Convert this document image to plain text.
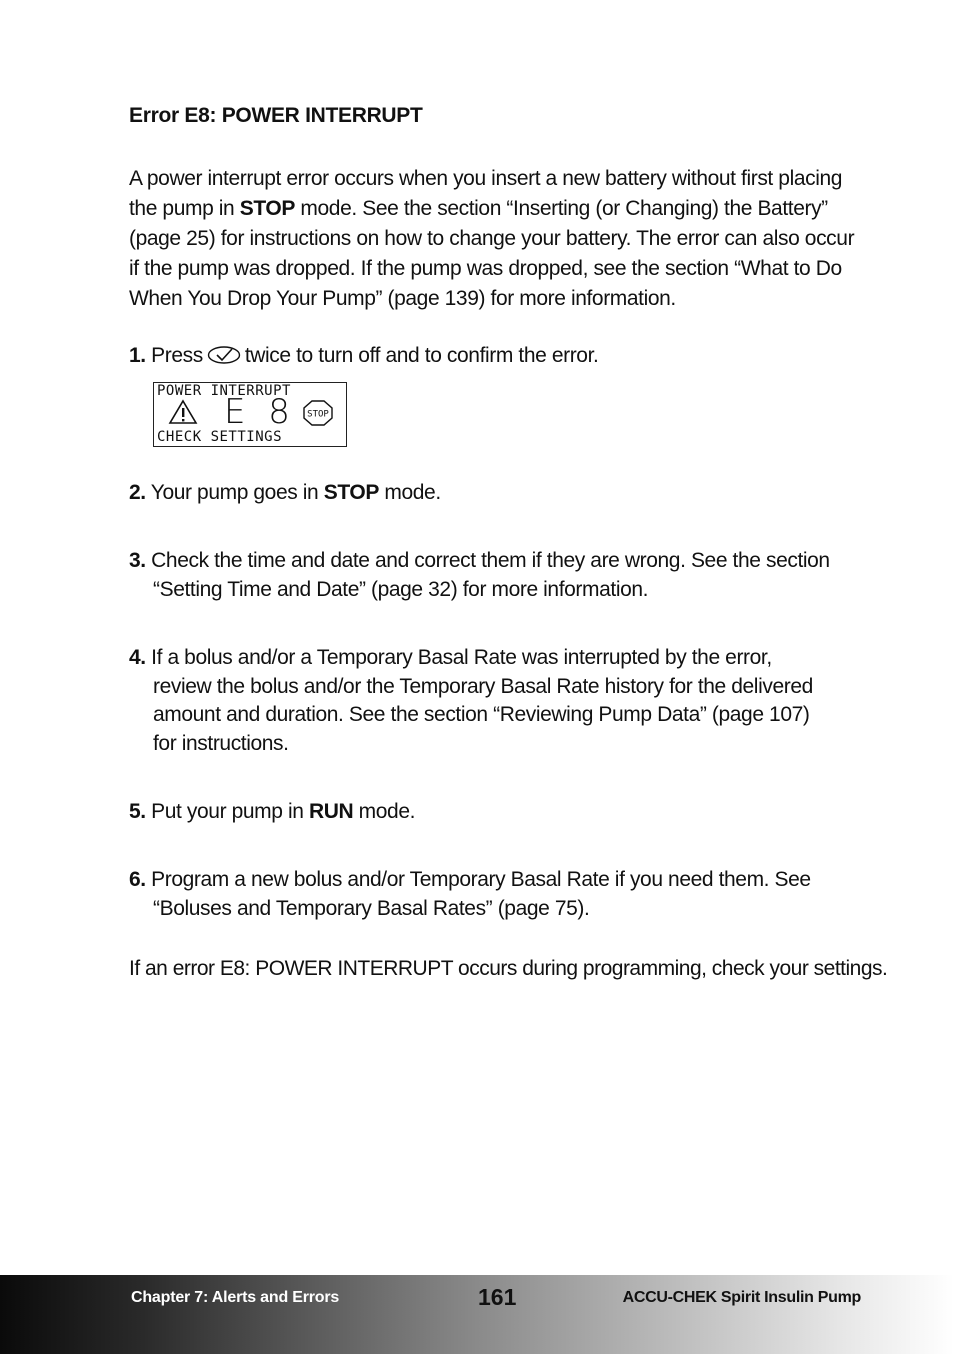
Error E8: POWER INTERRUPT

A power interrupt error occurs when you insert a new battery without first placing the pump in STOP mode. See the section “Inserting (or Changing) the Battery” (page 25) for instructions on how to change your battery. The error can also occur if the pump was dropped. If the pump was dropped, see the section “What to Do When You Drop Your Pump” (page 139) for more information.

1. Press twice to turn off and to confirm the error.
POWER INTERRUPT
E 8 STOP
CHECK SETTINGS
2. Your pump goes in STOP mode.
3. Check the time and date and correct them if they are wrong. See the section
“Setting Time and Date” (page 32) for more information.
4. If a bolus and/or a Temporary Basal Rate was interrupted by the error,
review the bolus and/or the Temporary Basal Rate history for the delivered
amount and duration. See the section “Reviewing Pump Data” (page 107)
for instructions.
5. Put your pump in RUN mode.
6. Program a new bolus and/or Temporary Basal Rate if you need them. See
“Boluses and Temporary Basal Rates” (page 75).
If an error E8: POWER INTERRUPT occurs during programming, check your settings.
Chapter 7: Alerts and Errors	161	ACCU-CHEK Spirit Insulin Pump
